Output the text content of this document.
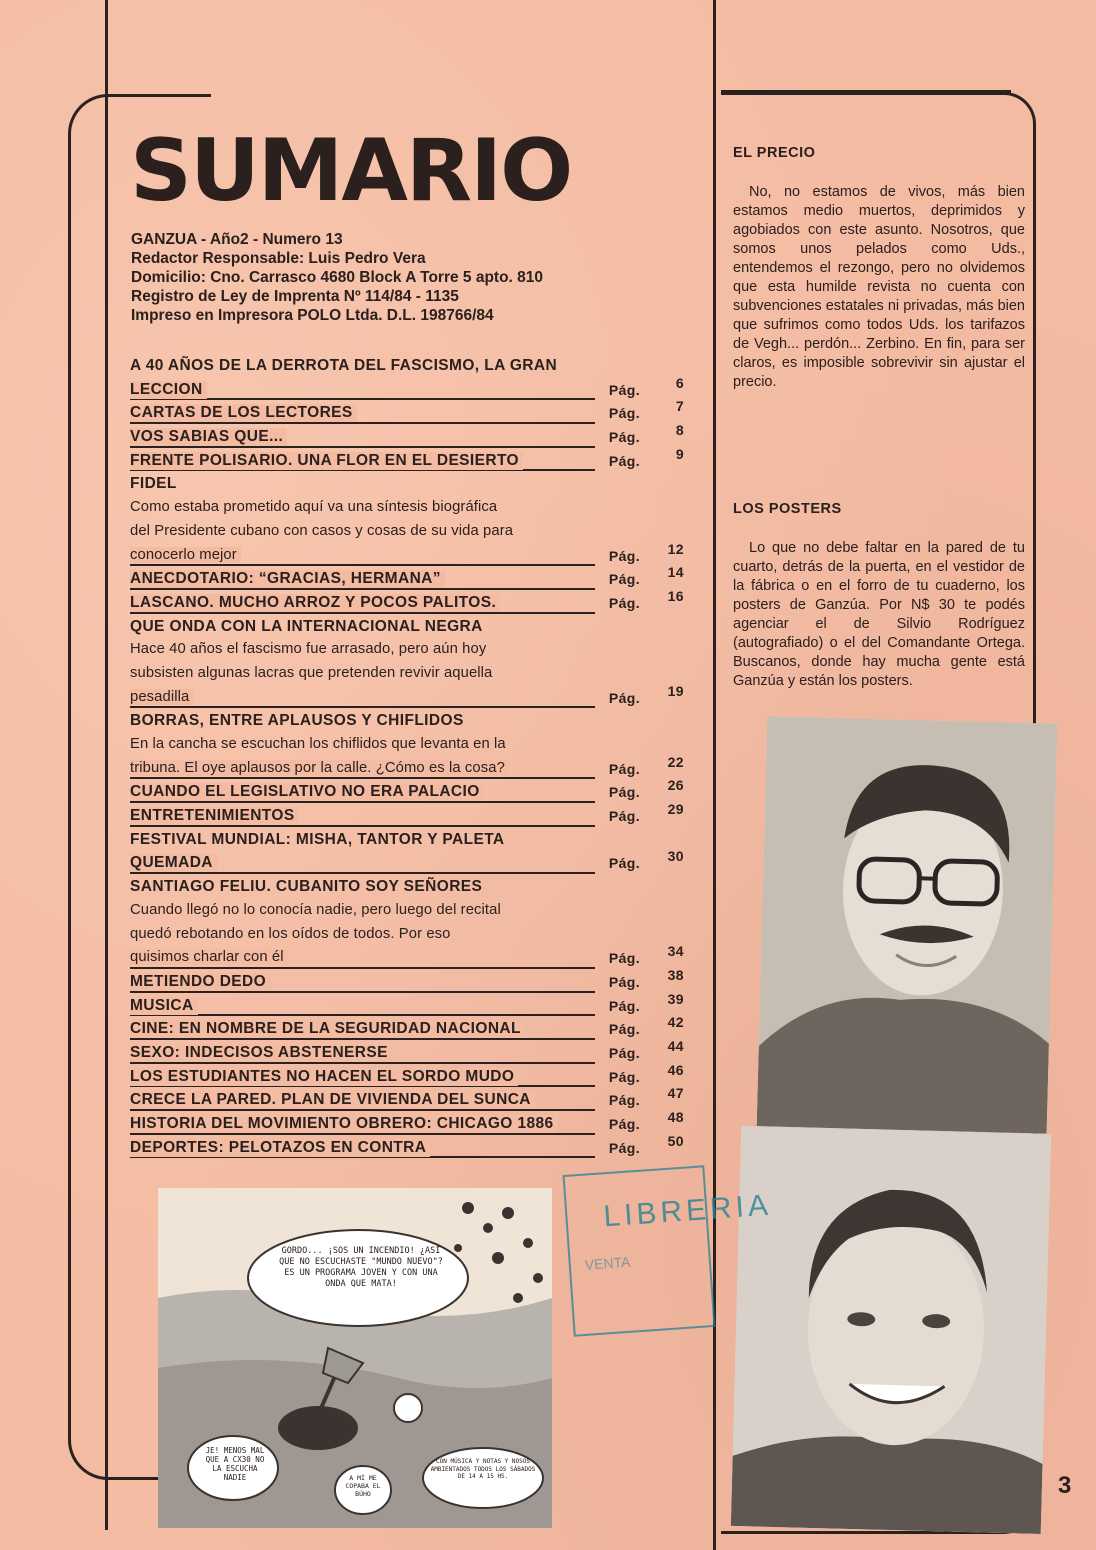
SUMARIO
GANZUA - Año2 - Numero 13
Redactor Responsable: Luis Pedro Vera
Domicilio: Cno. Carrasco 4680 Block A Torre 5 apto. 810
Registro de Ley de Imprenta Nº 114/84 - 1135
Impreso en Impresora POLO Ltda. D.L. 198766/84
A 40 AÑOS DE LA DERROTA DEL FASCISMO, LA GRAN
LECCION	Pág.	6
CARTAS DE LOS LECTORES	Pág.	7
VOS SABIAS QUE...	Pág.	8
FRENTE POLISARIO. UNA FLOR EN EL DESIERTO	Pág.	9
FIDEL
Como estaba prometido aquí va una síntesis biográfica
del Presidente cubano con casos y cosas de su vida para
conocerlo mejor	Pág. 12
ANECDOTARIO: “GRACIAS, HERMANA”	Pág. 14
LASCANO. MUCHO ARROZ Y POCOS PALITOS.	Pág. 16
QUE ONDA CON LA INTERNACIONAL NEGRA
Hace 40 años el fascismo fue arrasado, pero aún hoy
subsisten algunas lacras que pretenden revivir aquella
pesadilla	Pág. 19
BORRAS, ENTRE APLAUSOS Y CHIFLIDOS
En la cancha se escuchan los chiflidos que levanta en la
tribuna. El oye aplausos por la calle. ¿Cómo es la cosa?	Pág. 22
CUANDO EL LEGISLATIVO NO ERA PALACIO	Pág. 26
ENTRETENIMIENTOS	Pág. 29
FESTIVAL MUNDIAL: MISHA, TANTOR Y PALETA
QUEMADA	Pág. 30
SANTIAGO FELIU. CUBANITO SOY SEÑORES
Cuando llegó no lo conocía nadie, pero luego del recital
quedó rebotando en los oídos de todos. Por eso
quisimos charlar con él	Pág. 34
METIENDO DEDO	Pág. 38
MUSICA	Pág. 39
CINE: EN NOMBRE DE LA SEGURIDAD NACIONAL	Pág. 42
SEXO: INDECISOS ABSTENERSE	Pág. 44
LOS ESTUDIANTES NO HACEN EL SORDO MUDO	Pág. 46
CRECE LA PARED. PLAN DE VIVIENDA DEL SUNCA	Pág. 47
HISTORIA DEL MOVIMIENTO OBRERO: CHICAGO 1886	Pág. 48
DEPORTES: PELOTAZOS EN CONTRA	Pág. 50
EL PRECIO

No, no estamos de vivos, más bien estamos medio muertos, deprimidos y agobiados con este asunto. Nosotros, que somos unos pelados como Uds., entendemos el rezongo, pero no olvidemos que esta humilde revista no cuenta con subvenciones estatales ni privadas, más bien que sufrimos como todos Uds. los tarifazos de Vegh... perdón... Zerbino. En fin, para ser claros, es imposible sobrevivir sin ajustar el precio.

LOS POSTERS

Lo que no debe faltar en la pared de tu cuarto, detrás de la puerta, en el vestidor de la fábrica o en el forro de tu cuaderno, los posters de Ganzúa. Por N$ 30 te podés agenciar el de Silvio Rodríguez (autografiado) o el del Comandante Ortega. Buscanos, donde hay mucha gente está Ganzúa y están los posters.

GORDO... ¡SOS UN INCENDIO! ¿ASÍ QUE NO ESCUCHASTE "MUNDO NUEVO"? ES UN PROGRAMA JOVEN Y CON UNA ONDA QUE MATA!
JE! MENOS MAL QUE A CX30 NO LA ESCUCHA NADIE	A MÍ ME COPABA EL BÚHO
CON MÚSICA Y NOTAS Y NOSOS AMBIENTADOS TODOS LOS SÁBADOS DE 14 A 15 HS.
LIBRERIA
VENTA
3
